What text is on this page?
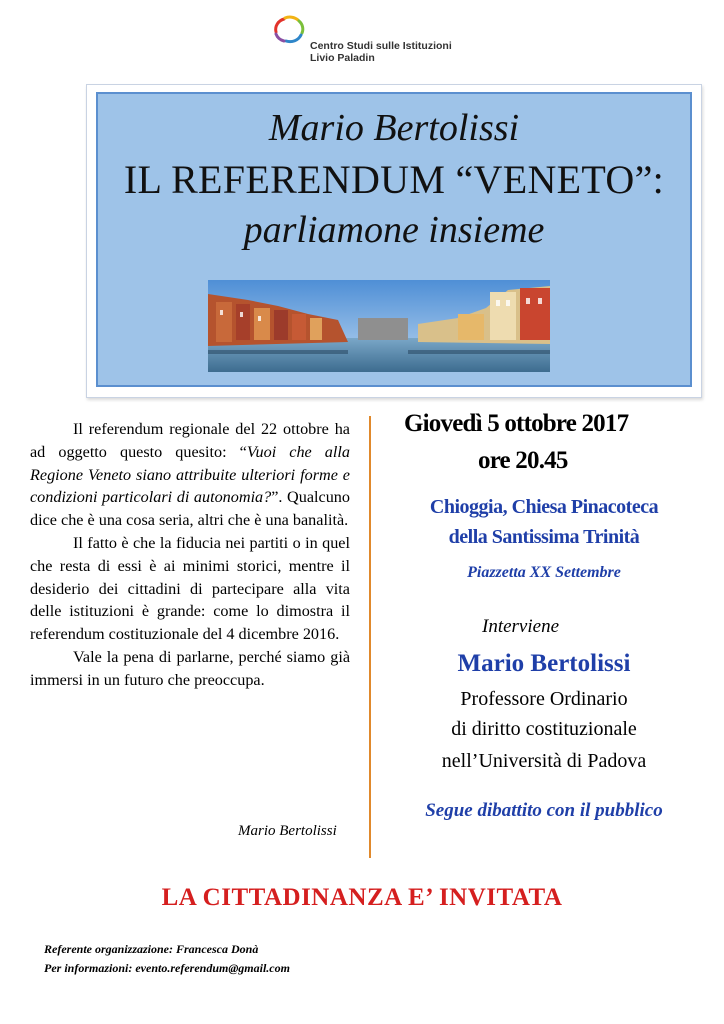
Centro Studi sulle Istituzioni
Livio Paladin
Mario Bertolissi
IL REFERENDUM “VENETO”:
parliamone insieme

Il referendum regionale del 22 ottobre ha ad oggetto questo quesito: “Vuoi che alla Regione Veneto siano attribuite ulteriori forme e condizioni particolari di autonomia?”. Qualcuno dice che è una cosa seria, altri che è una banalità.

Il fatto è che la fiducia nei partiti o in quel che resta di essi è ai minimi storici, mentre il desiderio dei cittadini di partecipare alla vita delle istituzioni è grande: come lo dimostra il referendum costituzionale del 4 dicembre 2016.

Vale la pena di parlarne, perché siamo già immersi in un futuro che preoccupa.

Mario Bertolissi
Giovedì 5 ottobre 2017
ore 20.45
Chioggia, Chiesa Pinacoteca
della Santissima Trinità
Piazzetta XX Settembre
Interviene
Mario Bertolissi
Professore Ordinario
di diritto costituzionale
nell’Università di Padova
Segue dibattito con il pubblico
LA CITTADINANZA E’ INVITATA
Referente organizzazione: Francesca Donà
Per informazioni: evento.referendum@gmail.com
